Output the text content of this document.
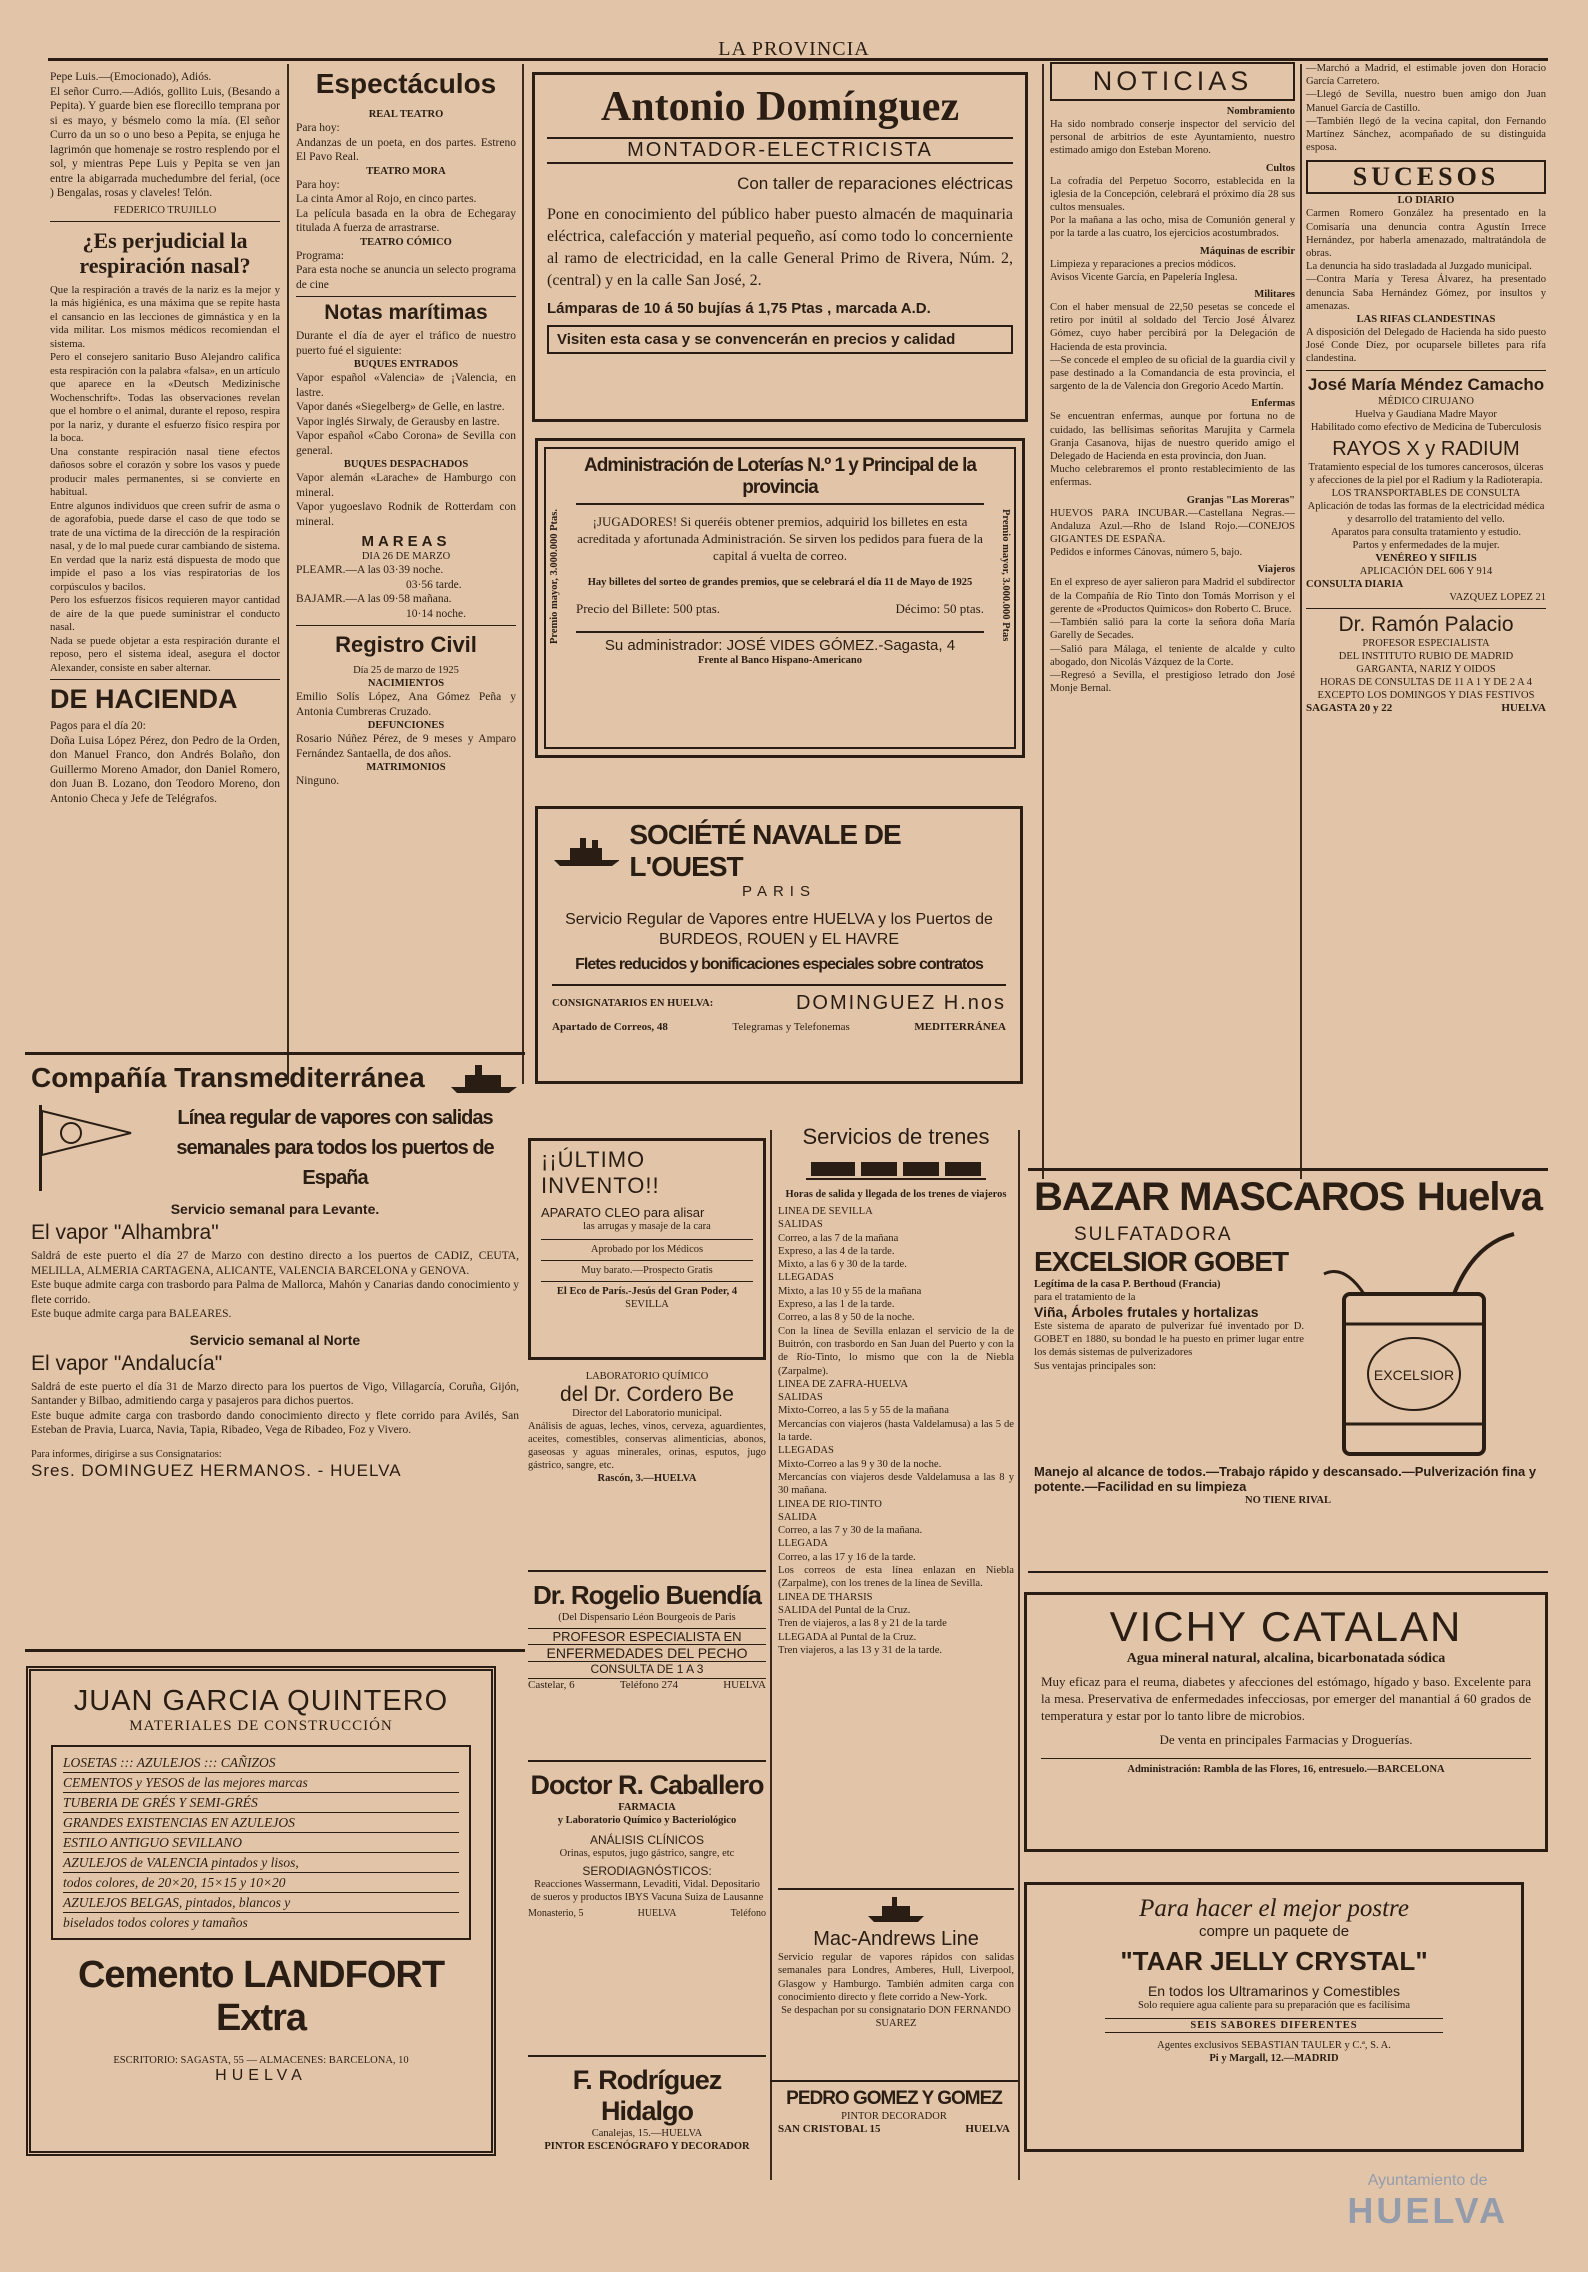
LA PROVINCIA

Pepe Luis.—(Emocionado), Adiós.
El señor Curro.—Adiós, gollito Luis, (Besando a Pepita). Y guarde bien ese florecillo temprana por si es mayo, y bésmelo como la mía. (El señor Curro da un so o uno beso a Pepita, se enjuga he lagrimón que homenaje se rostro resplendo por el sol, y mientras Pepe Luis y Pepita se ven jan entre la abigarrada muchedumbre del ferial, (oce ) Bengalas, rosas y claveles! Telón.

FEDERICO TRUJILLO

¿Es perjudicial la respiración nasal?

Que la respiración a través de la nariz es la mejor y la más higiénica, es una máxima que se repite hasta el cansancio en las lecciones de gimnástica y en la vida militar. Los mismos médicos recomiendan el sistema.
Pero el consejero sanitario Buso Alejandro califica esta respiración con la palabra «falsa», en un artículo que aparece en la «Deutsch Medizinische Wochenschrift». Todas las observaciones revelan que el hombre o el animal, durante el reposo, respira por la nariz, y durante el esfuerzo físico respira por la boca.
Una constante respiración nasal tiene efectos dañosos sobre el corazón y sobre los vasos y puede producir males permanentes, si se convierte en habitual.
Entre algunos individuos que creen sufrir de asma o de agorafobia, puede darse el caso de que todo se trate de una víctima de la dirección de la respiración nasal, y de lo mal puede curar cambiando de sistema.
En verdad que la nariz está dispuesta de modo que impide el paso a los vías respiratorias de los corpúsculos y bacilos.
Pero los esfuerzos físicos requieren mayor cantidad de aire de la que puede suministrar el conducto nasal.
Nada se puede objetar a esta respiración durante el reposo, pero el sistema ideal, asegura el doctor Alexander, consiste en saber alternar.

DE HACIENDA

Pagos para el día 20:
Doña Luisa López Pérez, don Pedro de la Orden, don Manuel Franco, don Andrés Bolaño, don Guillermo Moreno Amador, don Daniel Romero, don Juan B. Lozano, don Teodoro Moreno, don Antonio Checa y Jefe de Telégrafos.

Espectáculos

REAL TEATRO

Para hoy:
Andanzas de un poeta, en dos partes. Estreno El Pavo Real.

TEATRO MORA

Para hoy:
La cinta Amor al Rojo, en cinco partes.
La película basada en la obra de Echegaray titulada A fuerza de arrastrarse.

TEATRO CÓMICO

Programa:
Para esta noche se anuncia un selecto programa de cine

Notas marítimas

Durante el día de ayer el tráfico de nuestro puerto fué el siguiente:

BUQUES ENTRADOS

Vapor español «Valencia» de ¡Valencia, en lastre.
Vapor danés «Siegelberg» de Gelle, en lastre.
Vapor inglés Sirwaly, de Gerausby en lastre.
Vapor español «Cabo Corona» de Sevilla con general.

BUQUES DESPACHADOS

Vapor alemán «Larache» de Hamburgo con mineral.
Vapor yugoeslavo Rodnik de Rotterdam con mineral.

MAREAS

DIA 26 DE MARZO

PLEAMR.—A las 03·39 noche.

03·56 tarde.

BAJAMR.—A las 09·58 mañana.

10·14 noche.

Registro Civil

Día 25 de marzo de 1925

NACIMIENTOS

Emilio Solís López, Ana Gómez Peña y Antonia Cumbreras Cruzado.

DEFUNCIONES

Rosario Núñez Pérez, de 9 meses y Amparo Fernández Santaella, de dos años.

MATRIMONIOS

Ninguno.

Antonio Domínguez

MONTADOR-ELECTRICISTA

Con taller de reparaciones eléctricas

Pone en conocimiento del público haber puesto almacén de maquinaria eléctrica, calefacción y material pequeño, así como todo lo concerniente al ramo de electricidad, en la calle General Primo de Rivera, Núm. 2, (central) y en la calle San José, 2.

Lámparas de 10 á 50 bujías á 1,75 Ptas , marcada A.D.

Visiten esta casa y se convencerán en precios y calidad

Administración de Loterías N.º 1 y Principal de la provincia

Premio mayor, 3.000.000 Ptas.	Premio mayor, 3.000.000 Ptas

¡JUGADORES! Si queréis obtener premios, adquirid los billetes en esta acreditada y afortunada Administración. Se sirven los pedidos para fuera de la capital á vuelta de correo.

Hay billetes del sorteo de grandes premios, que se celebrará el día 11 de Mayo de 1925

Precio del Billete: 500 ptas.	Décimo: 50 ptas.

Su administrador: JOSÉ VIDES GÓMEZ.-Sagasta, 4

Frente al Banco Hispano-Americano

SOCIÉTÉ NAVALE DE L'OUEST

PARIS

Servicio Regular de Vapores entre HUELVA y los Puertos de BURDEOS, ROUEN y EL HAVRE

Fletes reducidos y bonificaciones especiales sobre contratos

CONSIGNATARIOS EN HUELVA:	DOMINGUEZ H.nos
Apartado de Correos, 48	Telegramas y Telefonemas	MEDITERRÁNEA

Compañía Transmediterránea

Línea regular de vapores con salidas semanales para todos los puertos de España

Servicio semanal para Levante.

El vapor "Alhambra"

Saldrá de este puerto el día 27 de Marzo con destino directo a los puertos de CADIZ, CEUTA, MELILLA, ALMERIA CARTAGENA, ALICANTE, VALENCIA BARCELONA y GENOVA.
Este buque admite carga con trasbordo para Palma de Mallorca, Mahón y Canarias dando conocimiento y flete corrido.
Este buque admite carga para BALEARES.

Servicio semanal al Norte

El vapor "Andalucía"

Saldrá de este puerto el día 31 de Marzo directo para los puertos de Vigo, Villagarcía, Coruña, Gijón, Santander y Bilbao, admitiendo carga y pasajeros para dichos puertos.
Este buque admite carga con trasbordo dando conocimiento directo y flete corrido para Avilés, San Esteban de Pravia, Luarca, Navia, Tapia, Ribadeo, Vega de Ribadeo, Foz y Vivero.

Para informes, dirigirse a sus Consignatarios:

Sres. DOMINGUEZ HERMANOS. - HUELVA

JUAN GARCIA QUINTERO

MATERIALES DE CONSTRUCCIÓN

LOSETAS ::: AZULEJOS ::: CAÑIZOS

CEMENTOS y YESOS de las mejores marcas

TUBERIA DE GRÉS Y SEMI-GRÉS

GRANDES EXISTENCIAS EN AZULEJOS

ESTILO ANTIGUO SEVILLANO

AZULEJOS de VALENCIA pintados y lisos,

todos colores, de 20×20, 15×15 y 10×20

AZULEJOS BELGAS, pintados, blancos y

biselados todos colores y tamaños

Cemento LANDFORT Extra

ESCRITORIO: SAGASTA, 55 — ALMACENES: BARCELONA, 10

HUELVA

¡¡ÚLTIMO INVENTO!!

APARATO CLEO para alisar

las arrugas y masaje de la cara

Aprobado por los Médicos

Muy barato.—Prospecto Gratis

El Eco de París.-Jesús del Gran Poder, 4

SEVILLA

LABORATORIO QUÍMICO

del Dr. Cordero Be

Director del Laboratorio municipal.

Análisis de aguas, leches, vinos, cerveza, aguardientes, aceites, comestibles, conservas alimenticias, abonos, gaseosas y aguas minerales, orinas, esputos, jugo gástrico, sangre, etc.

Rascón, 3.—HUELVA

Dr. Rogelio Buendía

(Del Dispensario Léon Bourgeois de Paris

PROFESOR ESPECIALISTA EN

ENFERMEDADES DEL PECHO

CONSULTA DE 1 A 3

Castelar, 6	Teléfono 274	HUELVA

Doctor R. Caballero

FARMACIA

y Laboratorio Químico y Bacteriológico

ANÁLISIS CLÍNICOS

Orinas, esputos, jugo gástrico, sangre, etc

SERODIAGNÓSTICOS:

Reacciones Wassermann, Levaditi, Vidal. Depositario de sueros y productos IBYS Vacuna Suiza de Lausanne

Monasterio, 5	HUELVA	Teléfono

F. Rodríguez Hidalgo

Canalejas, 15.—HUELVA

PINTOR ESCENÓGRAFO Y DECORADOR

Servicios de trenes

Horas de salida y llegada de los trenes de viajeros

LINEA DE SEVILLA
SALIDAS
Correo, a las 7 de la mañana
Expreso, a las 4 de la tarde.
Mixto, a las 6 y 30 de la tarde.
LLEGADAS
Mixto, a las 10 y 55 de la mañana
Expreso, a las 1 de la tarde.
Correo, a las 8 y 50 de la noche.
Con la línea de Sevilla enlazan el servicio de la de Buitrón, con trasbordo en San Juan del Puerto y con la de Río-Tinto, lo mismo que con la de Niebla (Zarpalme).
LINEA DE ZAFRA-HUELVA
SALIDAS
Mixto-Correo, a las 5 y 55 de la mañana
Mercancías con viajeros (hasta Valdelamusa) a las 5 de la tarde.
LLEGADAS
Mixto-Correo a las 9 y 30 de la noche.
Mercancías con viajeros desde Valdelamusa a las 8 y 30 mañana.
LINEA DE RIO-TINTO
SALIDA
Correo, a las 7 y 30 de la mañana.
LLEGADA
Correo, a las 17 y 16 de la tarde.
Los correos de esta línea enlazan en Niebla (Zarpalme), con los trenes de la línea de Sevilla.
LINEA DE THARSIS
SALIDA del Puntal de la Cruz.
Tren de viajeros, a las 8 y 21 de la tarde
LLEGADA al Puntal de la Cruz.
Tren viajeros, a las 13 y 31 de la tarde.

Mac-Andrews Line

Servicio regular de vapores rápidos con salidas semanales para Londres, Amberes, Hull, Liverpool, Glasgow y Hamburgo. También admiten carga con conocimiento directo y flete corrido a New-York.

Se despachan por su consignatario DON FERNANDO SUAREZ

PEDRO GOMEZ Y GOMEZ

PINTOR DECORADOR

SAN CRISTOBAL 15	HUELVA

NOTICIAS

Nombramiento

Ha sido nombrado conserje inspector del servicio del personal de arbitrios de este Ayuntamiento, nuestro estimado amigo don Esteban Moreno.

Cultos

La cofradía del Perpetuo Socorro, establecida en la iglesia de la Concepción, celebrará el próximo día 28 sus cultos mensuales.
Por la mañana a las ocho, misa de Comunión general y por la tarde a las cuatro, los ejercicios acostumbrados.

Máquinas de escribir

Limpieza y reparaciones a precios módicos.
Avisos Vicente García, en Papelería Inglesa.

Militares

Con el haber mensual de 22,50 pesetas se concede el retiro por inútil al soldado del Tercio José Álvarez Gómez, cuyo haber percibirá por la Delegación de Hacienda de esta provincia.
—Se concede el empleo de su oficial de la guardia civil y pase destinado a la Comandancia de esta provincia, el sargento de la de Valencia don Gregorio Acedo Martín.

Enfermas

Se encuentran enfermas, aunque por fortuna no de cuidado, las bellísimas señoritas Marujita y Carmela Granja Casanova, hijas de nuestro querido amigo el Delegado de Hacienda en esta provincia, don Juan.
Mucho celebraremos el pronto restablecimiento de las enfermas.

Granjas "Las Moreras"

HUEVOS PARA INCUBAR.—Castellana Negras.—Andaluza Azul.—Rho de Island Rojo.—CONEJOS GIGANTES DE ESPAÑA.
Pedidos e informes Cánovas, número 5, bajo.

Viajeros

En el expreso de ayer salieron para Madrid el subdirector de la Compañía de Río Tinto don Tomás Morrison y el gerente de «Productos Químicos» don Roberto C. Bruce.
—También salió para la corte la señora doña María Garelly de Secades.
—Salió para Málaga, el teniente de alcalde y culto abogado, don Nicolás Vázquez de la Corte.
—Regresó a Sevilla, el prestigioso letrado don José Monje Bernal.

—Marchó a Madrid, el estimable joven don Horacio García Carretero.
—Llegó de Sevilla, nuestro buen amigo don Juan Manuel García de Castillo.
—También llegó de la vecina capital, don Fernando Martínez Sánchez, acompañado de su distinguida esposa.

SUCESOS

LO DIARIO

Carmen Romero González ha presentado en la Comisaría una denuncia contra Agustín Irrece Hernández, por haberla amenazado, maltratándola de obras.
La denuncia ha sido trasladada al Juzgado municipal.
—Contra María y Teresa Álvarez, ha presentado denuncia Saba Hernández Gómez, por insultos y amenazas.

LAS RIFAS CLANDESTINAS

A disposición del Delegado de Hacienda ha sido puesto José Conde Díez, por ocuparsele billetes para rifa clandestina.

José María Méndez Camacho

MÉDICO CIRUJANO

Huelva y Gaudiana Madre Mayor

Habilitado como efectivo de Medicina de Tuberculosis

RAYOS X y RADIUM

Tratamiento especial de los tumores cancerosos, úlceras y afecciones de la piel por el Radium y la Radioterapia.

LOS TRANSPORTABLES DE CONSULTA

Aplicación de todas las formas de la electricidad médica y desarrollo del tratamiento del vello.

Aparatos para consulta tratamiento y estudio.

Partos y enfermedades de la mujer.

VENÉREO Y SIFILIS

APLICACIÓN DEL 606 Y 914

CONSULTA DIARIA

VAZQUEZ LOPEZ 21

Dr. Ramón Palacio

PROFESOR ESPECIALISTA

DEL INSTITUTO RUBIO DE MADRID

GARGANTA, NARIZ Y OIDOS

HORAS DE CONSULTAS DE 11 A 1 Y DE 2 A 4 EXCEPTO LOS DOMINGOS Y DIAS FESTIVOS

SAGASTA 20 y 22	HUELVA

BAZAR MASCAROS Huelva

SULFATADORA

EXCELSIOR GOBET

Legítima de la casa P. Berthoud (Francia)

para el tratamiento de la

Viña, Árboles frutales y hortalizas

Este sistema de aparato de pulverizar fué inventado por D. GOBET en 1880, su bondad le ha puesto en primer lugar entre los demás sistemas de pulverizadores
Sus ventajas principales son:

EXCELSIOR

Manejo al alcance de todos.—Trabajo rápido y descansado.—Pulverización fina y potente.—Facilidad en su limpieza

NO TIENE RIVAL

VICHY CATALAN

Agua mineral natural, alcalina, bicarbonatada sódica

Muy eficaz para el reuma, diabetes y afecciones del estómago, hígado y baso. Excelente para la mesa. Preservativa de enfermedades infecciosas, por emerger del manantial á 60 grados de temperatura y estar por lo tanto libre de microbios.

De venta en principales Farmacias y Droguerías.

Administración: Rambla de las Flores, 16, entresuelo.—BARCELONA

Para hacer el mejor postre

compre un paquete de

"TAAR JELLY CRYSTAL"

En todos los Ultramarinos y Comestibles

Solo requiere agua caliente para su preparación que es facilísima

SEIS SABORES DIFERENTES

Agentes exclusivos SEBASTIAN TAULER y C.ª, S. A.

Pi y Margall, 12.—MADRID

Ayuntamiento de

HUELVA
